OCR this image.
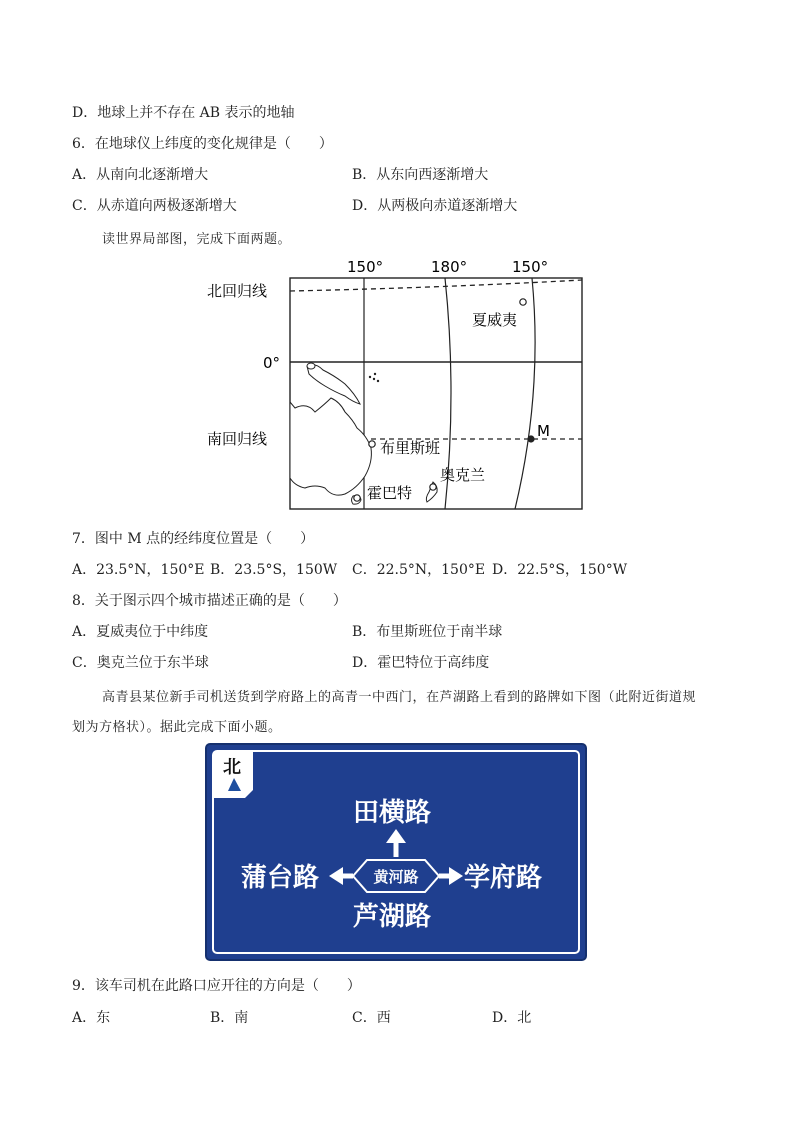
D．地球上并不存在 AB 表示的地轴
6．在地球仪上纬度的变化规律是（　　）
A．从南向北逐渐增大	B．从东向西逐渐增大
C．从赤道向两极逐渐增大	D．从两极向赤道逐渐增大
读世界局部图，完成下面两题。
150°	180°	150°
北回归线
0°
南回归线
夏威夷
布里斯班
奥克兰
霍巴特
M
7．图中 M 点的经纬度位置是（　　）
A．23.5°N，150°E B．23.5°S，150W C．22.5°N，150°E D．22.5°S，150°W
8．关于图示四个城市描述正确的是（　　）
A．夏威夷位于中纬度	B．布里斯班位于南半球
C．奥克兰位于东半球	D．霍巴特位于高纬度
高青县某位新手司机送货到学府路上的高青一中西门，在芦湖路上看到的路牌如下图（此附近街道规
划为方格状）。据此完成下面小题。
北
田横路
蒲台路	黄河路 学府路
芦湖路
9．该车司机在此路口应开往的方向是（　　）
A．东	B．南	C．西	D．北
